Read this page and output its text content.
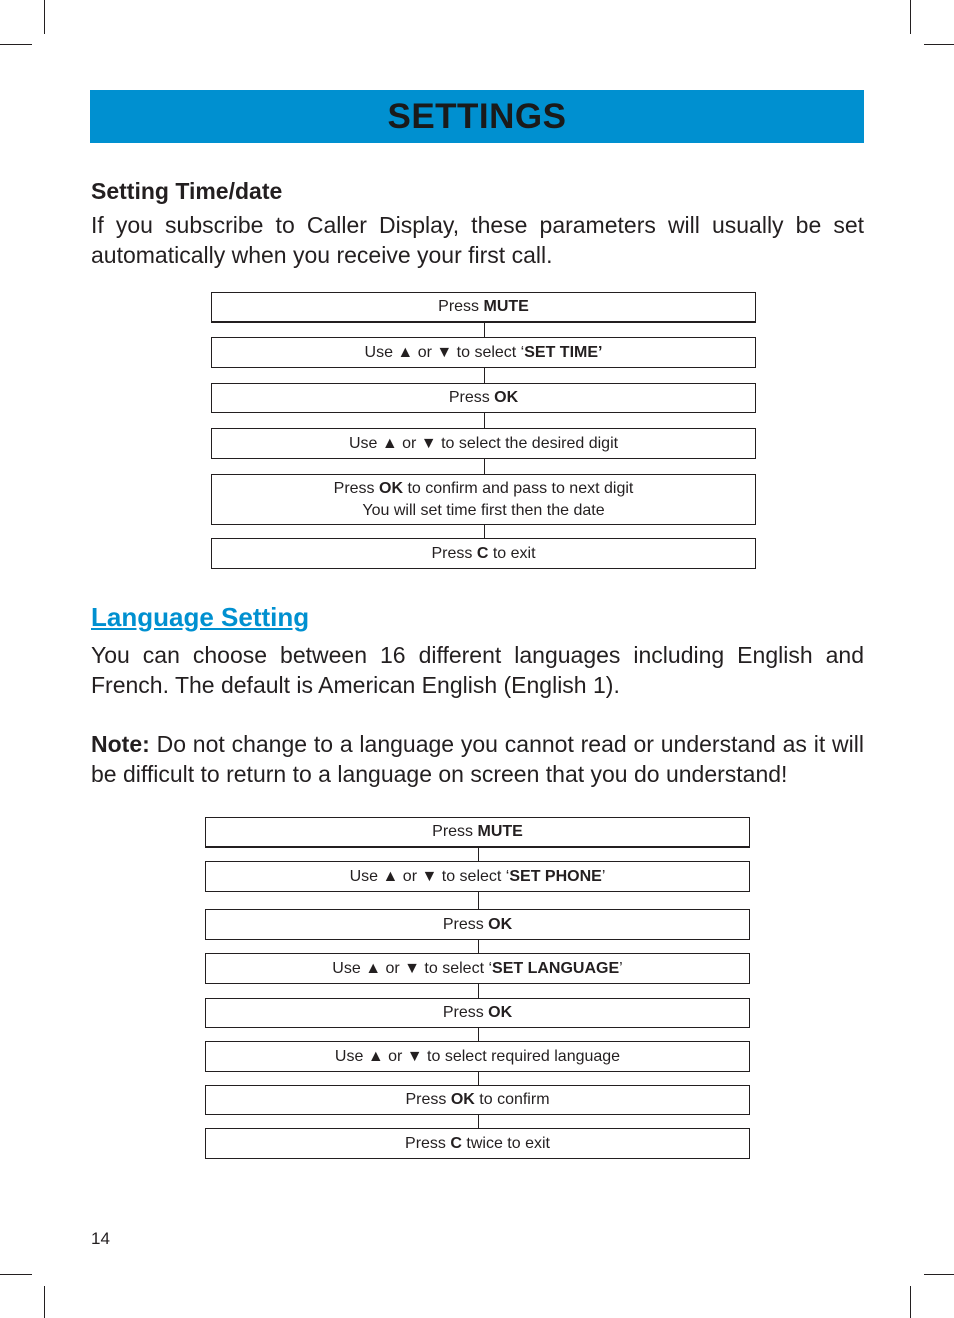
SETTINGS
Setting Time/date

If you subscribe to Caller Display, these parameters will usually be set automatically when you receive your first call.

Press MUTE
Use ▲ or ▼ to select ‘SET TIME’
Press OK
Use ▲ or ▼ to select the desired digit
Press OK to confirm and pass to next digit
You will set time first then the date
Press C to exit
Language Setting

You can choose between 16 different languages including English and French. The default is American English (English 1).

Note: Do not change to a language you cannot read or understand as it will be difficult to return to a language on screen that you do understand!

Press MUTE
Use ▲ or ▼ to select ‘SET PHONE’
Press OK
Use ▲ or ▼ to select ‘SET LANGUAGE’
Press OK
Use ▲ or ▼ to select required language
Press OK to confirm
Press C twice to exit
14
